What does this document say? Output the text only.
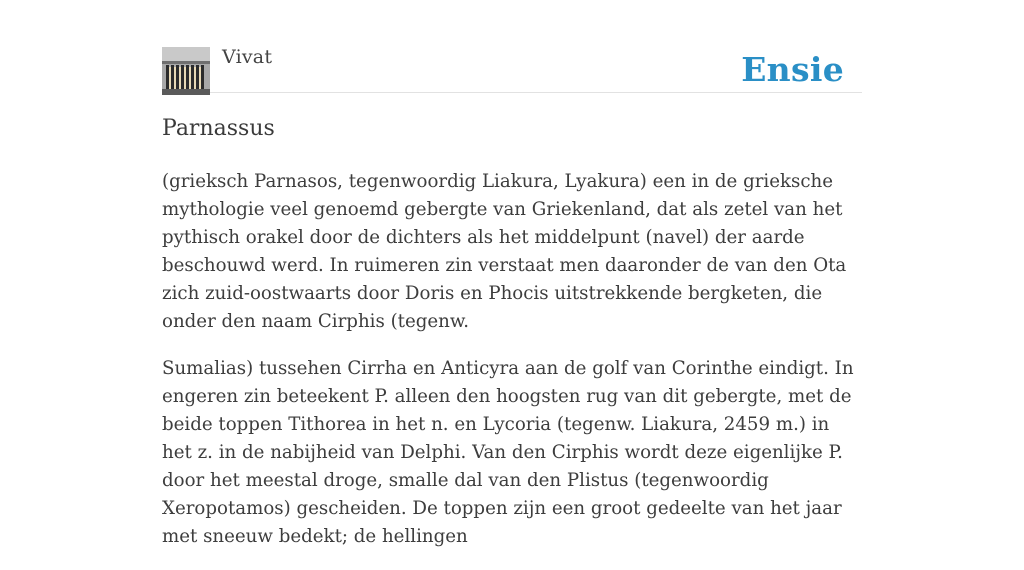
Vivat	Ensie
Parnassus

(grieksch Parnasos, tegenwoordig Liakura, Lyakura) een in de grieksche mythologie veel genoemd gebergte van Griekenland, dat als zetel van het pythisch orakel door de dichters als het middelpunt (navel) der aarde beschouwd werd. In ruimeren zin verstaat men daaronder de van den Ota zich zuid-oostwaarts door Doris en Phocis uitstrekkende bergketen, die onder den naam Cirphis (tegenw.

Sumalias) tussehen Cirrha en Anticyra aan de golf van Corinthe eindigt. In engeren zin beteekent P. alleen den hoogsten rug van dit gebergte, met de beide toppen Tithorea in het n. en Lycoria (tegenw. Liakura, 2459 m.) in het z. in de nabijheid van Delphi. Van den Cirphis wordt deze eigenlijke P. door het meestal droge, smalle dal van den Plistus (tegenwoordig Xeropotamos) gescheiden. De toppen zijn een groot gedeelte van het jaar met sneeuw bedekt; de hellingen
